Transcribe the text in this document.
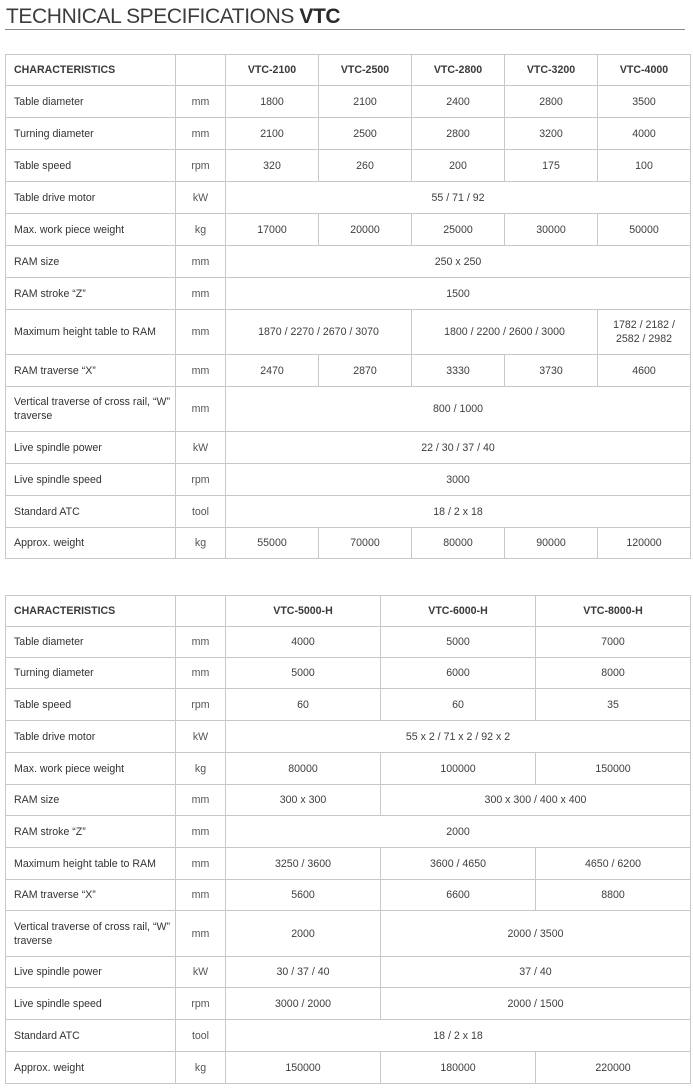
TECHNICAL SPECIFICATIONS VTC
CHARACTERISTICS		VTC-2100	VTC-2500	VTC-2800	VTC-3200	VTC-4000
Table diameter	mm	1800	2100	2400	2800	3500
Turning diameter	mm	2100	2500	2800	3200	4000
Table speed	rpm	320	260	200	175	100
Table drive motor	kW	55 / 71 / 92				
Max. work piece weight	kg	17000	20000	25000	30000	50000
RAM size	mm	250 x 250				
RAM stroke “Z”	mm	1500				
Maximum height table to RAM	mm	1870 / 2270 / 2670 / 3070		1800 / 2200 / 2600 / 3000		1782 / 2182 / 2582 / 2982
RAM traverse “X”	mm	2470	2870	3330	3730	4600
Vertical traverse of cross rail, “W” traverse	mm	800 / 1000				
Live spindle power	kW	22 / 30 / 37 / 40				
Live spindle speed	rpm	3000				
Standard ATC	tool	18 / 2 x 18				
Approx. weight	kg	55000	70000	80000	90000	120000
CHARACTERISTICS		VTC-5000-H	VTC-6000-H	VTC-8000-H
Table diameter	mm	4000	5000	7000
Turning diameter	mm	5000	6000	8000
Table speed	rpm	60	60	35
Table drive motor	kW	55 x 2 / 71 x 2 / 92 x 2		
Max. work piece weight	kg	80000	100000	150000
RAM size	mm	300 x 300	300 x 300 / 400 x 400	
RAM stroke “Z”	mm	2000		
Maximum height table to RAM	mm	3250 / 3600	3600 / 4650	4650 / 6200
RAM traverse “X”	mm	5600	6600	8800
Vertical traverse of cross rail, “W” traverse	mm	2000	2000 / 3500	
Live spindle power	kW	30 / 37 / 40	37 / 40	
Live spindle speed	rpm	3000 / 2000	2000 / 1500	
Standard ATC	tool	18 / 2 x 18		
Approx. weight	kg	150000	180000	220000
